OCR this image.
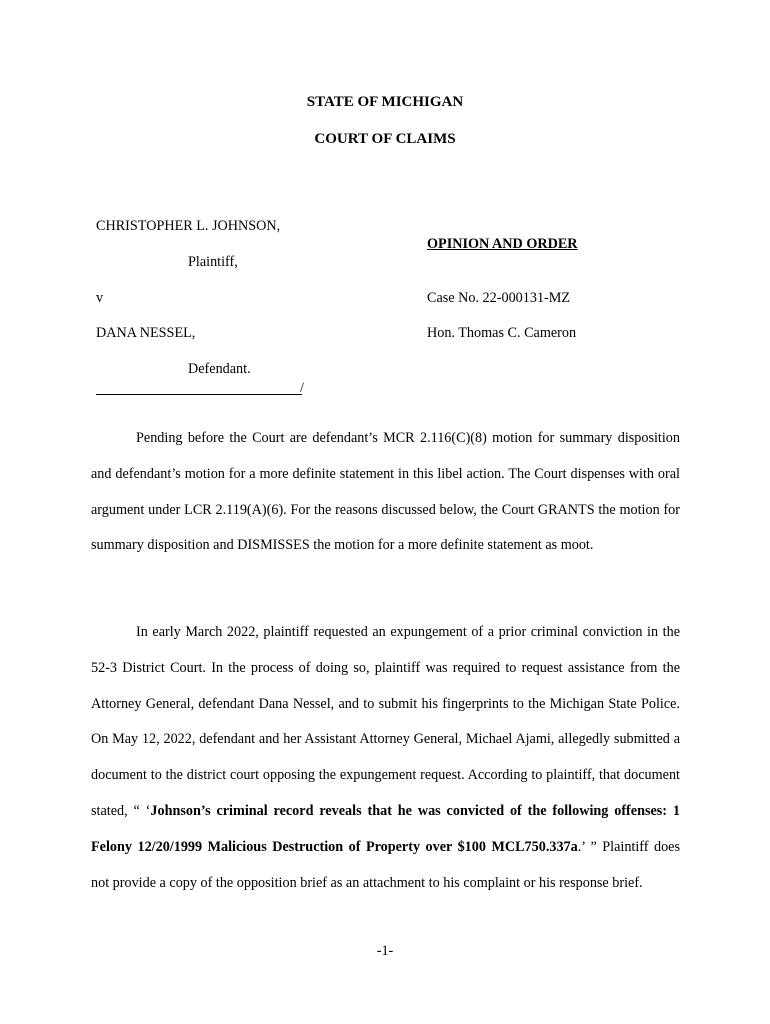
STATE OF MICHIGAN
COURT OF CLAIMS
CHRISTOPHER L. JOHNSON,
Plaintiff,
v
DANA NESSEL,
Defendant.
/
OPINION AND ORDER
Case No. 22-000131-MZ
Hon. Thomas C. Cameron

Pending before the Court are defendant’s MCR 2.116(C)(8) motion for summary disposition and defendant’s motion for a more definite statement in this libel action. The Court dispenses with oral argument under LCR 2.119(A)(6). For the reasons discussed below, the Court GRANTS the motion for summary disposition and DISMISSES the motion for a more definite statement as moot.

In early March 2022, plaintiff requested an expungement of a prior criminal conviction in the 52-3 District Court. In the process of doing so, plaintiff was required to request assistance from the Attorney General, defendant Dana Nessel, and to submit his fingerprints to the Michigan State Police. On May 12, 2022, defendant and her Assistant Attorney General, Michael Ajami, allegedly submitted a document to the district court opposing the expungement request. According to plaintiff, that document stated, “ ‘Johnson’s criminal record reveals that he was convicted of the following offenses: 1 Felony 12/20/1999 Malicious Destruction of Property over $100 MCL750.337a.’ ” Plaintiff does not provide a copy of the opposition brief as an attachment to his complaint or his response brief.

-1-
